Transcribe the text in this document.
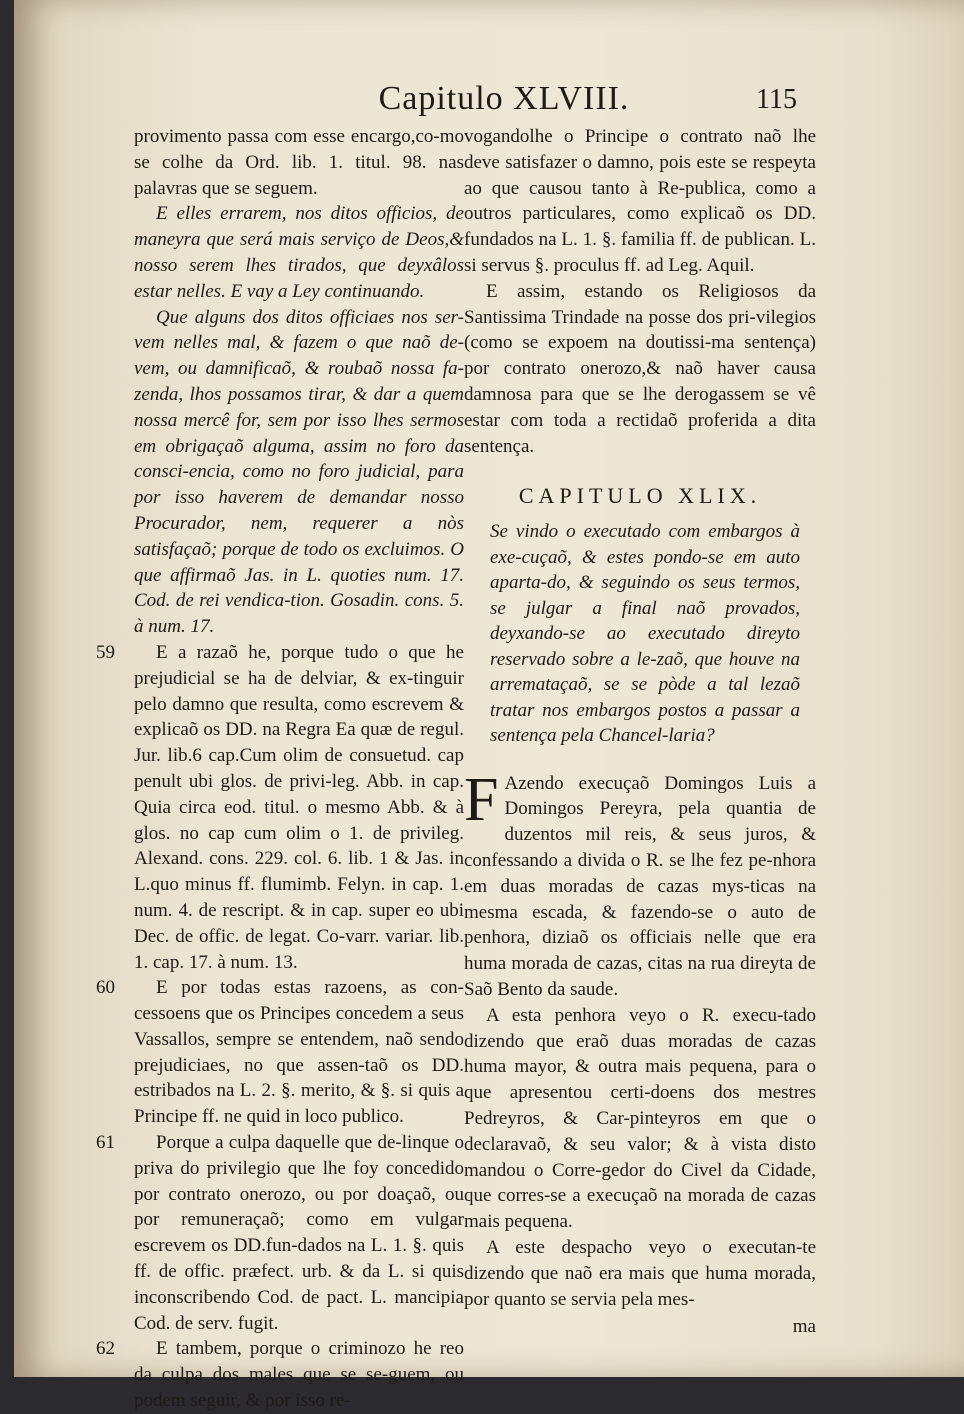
Capitulo XLVIII.	115

provimento passa com esse encargo,co-mo se colhe da Ord. lib. 1. titul. 98. nas palavras que se seguem.

E elles errarem, nos ditos officios, de maneyra que será mais serviço de Deos,& nosso serem lhes tirados, que deyxâlos estar nelles. E vay a Ley continuando.

Que alguns dos ditos officiaes nos ser-vem nelles mal, & fazem o que naõ de-vem, ou damnificaõ, & roubaõ nossa fa-zenda, lhos possamos tirar, & dar a quem nossa mercê for, sem por isso lhes sermos em obrigaçaõ alguma, assim no foro da consci-encia, como no foro judicial, para por isso haverem de demandar nosso Procurador, nem, requerer a nòs satisfaçaõ; porque de todo os excluimos. O que affirmaõ Jas. in L. quoties num. 17. Cod. de rei vendica-tion. Gosadin. cons. 5. à num. 17.

59	E a razaõ he, porque tudo o que he prejudicial se ha de delviar, & ex-tinguir pelo damno que resulta, como escrevem & explicaõ os DD. na Regra Ea quæ de regul. Jur. lib.6 cap.Cum olim de consuetud. cap penult ubi glos. de privi-leg. Abb. in cap. Quia circa eod. titul. o mesmo Abb. & à glos. no cap cum olim o 1. de privileg. Alexand. cons. 229. col. 6. lib. 1 & Jas. in L.quo minus ff. flumimb. Felyn. in cap. 1. num. 4. de rescript. & in cap. super eo ubi Dec. de offic. de legat. Co-varr. variar. lib. 1. cap. 17. à num. 13.

60	E por todas estas razoens, as con-cessoens que os Principes concedem a seus Vassallos, sempre se entendem, naõ sendo prejudiciaes, no que assen-taõ os DD. estribados na L. 2. §. merito, & §. si quis a Principe ff. ne quid in loco publico.

61	Porque a culpa daquelle que de-linque o priva do privilegio que lhe foy concedido por contrato onerozo, ou por doaçaõ, ou por remuneraçaõ; como em vulgar escrevem os DD.fun-dados na L. 1. §. quis ff. de offic. præfect. urb. & da L. si quis inconscribendo Cod. de pact. L. mancipia Cod. de serv. fugit.

62	E tambem, porque o criminozo he reo da culpa dos males que se se-guem, ou podem seguir, & por isso re-

vogandolhe o Principe o contrato naõ lhe deve satisfazer o damno, pois este se respeyta ao que causou tanto à Re-publica, como a outros particulares, como explicaõ os DD. fundados na L. 1. §. familia ff. de publican. L. si servus §. proculus ff. ad Leg. Aquil.

E assim, estando os Religiosos da Santissima Trindade na posse dos pri-vilegios (como se expoem na doutissi-ma sentença) por contrato onerozo,& naõ haver causa damnosa para que se lhe derogassem se vê estar com toda a rectidaõ proferida a dita sentença.

CAPITULO XLIX.

Se vindo o executado com embargos à exe-cuçaõ, & estes pondo-se em auto aparta-do, & seguindo os seus termos, se julgar a final naõ provados, deyxando-se ao executado direyto reservado sobre a le-zaõ, que houve na arremataçaõ, se se pòde a tal lezaõ tratar nos embargos postos a passar a sentença pela Chancel-laria?

F Azendo execuçaõ Domingos Luis a Domingos Pereyra, pela quantia de duzentos mil reis, & seus juros, & confessando a divida o R. se lhe fez pe-nhora em duas moradas de cazas mys-ticas na mesma escada, & fazendo-se o auto de penhora, diziaõ os officiais nelle que era huma morada de cazas, citas na rua direyta de Saõ Bento da saude.

A esta penhora veyo o R. execu-tado dizendo que eraõ duas moradas de cazas huma mayor, & outra mais pequena, para o que apresentou certi-doens dos mestres Pedreyros, & Car-pinteyros em que o declaravaõ, & seu valor; & à vista disto mandou o Corre-gedor do Civel da Cidade, que corres-se a execuçaõ na morada de cazas mais pequena.

A este despacho veyo o executan-te dizendo que naõ era mais que huma morada, por quanto se servia pela mes-

ma
